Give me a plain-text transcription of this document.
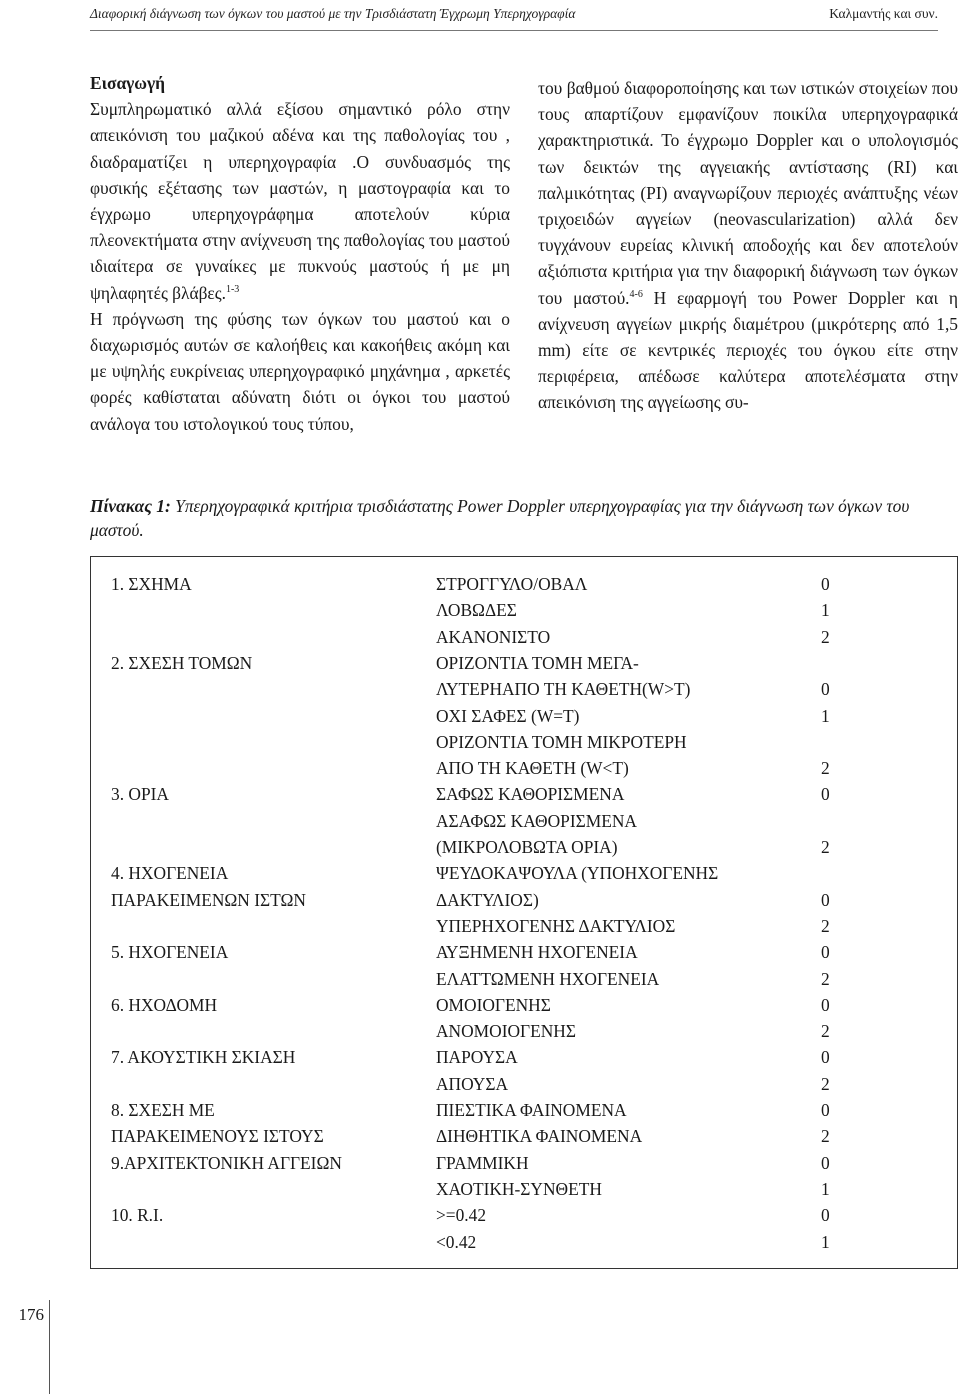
Διαφορική διάγνωση των όγκων του μαστού με την Τρισδιάστατη Έγχρωμη Υπερηχογραφία	Καλμαντής και συν.

Εισαγωγή

Συμπληρωματικό αλλά εξίσου σημαντικό ρόλο στην απεικόνιση του μαζικού αδένα και της παθολογίας του , διαδραματίζει η υπερηχογραφία .Ο συνδυασμός της φυσικής εξέτασης των μαστών, η μαστογραφία και το έγχρωμο υπερηχογράφημα αποτελούν κύρια πλεονεκτήματα στην ανίχνευση της παθολογίας του μαστού ιδιαίτερα σε γυναίκες με πυκνούς μαστούς ή με μη ψηλαφητές βλάβες.$^{1-3}$

Η πρόγνωση της φύσης των όγκων του μαστού και ο διαχωρισμός αυτών σε καλοήθεις και κακοήθεις ακόμη και με υψηλής ευκρίνειας υπερηχογραφικό μηχάνημα , αρκετές φορές καθίσταται αδύνατη διότι οι όγκοι του μαστού ανάλογα του ιστολογικού τους τύπου,

του βαθμού διαφοροποίησης και των ιστικών στοιχείων που τους απαρτίζουν εμφανίζουν ποικίλα υπερηχογραφικά χαρακτηριστικά. Το έγχρωμο Doppler και ο υπολογισμός των δεικτών της αγγειακής αντίστασης (RI) και παλμικότητας (PI) αναγνωρίζουν περιοχές ανάπτυξης νέων τριχοειδών αγγείων (neovascularization) αλλά δεν τυγχάνουν ευρείας κλινική αποδοχής και δεν αποτελούν αξιόπιστα κριτήρια για την διαφορική διάγνωση των όγκων του μαστού.$^{4-6}$ Η εφαρμογή του Power Doppler και η ανίχνευση αγγείων μικρής διαμέτρου (μικρότερης από 1,5 mm) είτε σε κεντρικές περιοχές του όγκου είτε στην περιφέρεια, απέδωσε καλύτερα αποτελέσματα στην απεικόνιση της αγγείωσης συ-

Πίνακας 1: Υπερηχογραφικά κριτήρια τρισδιάστατης Power Doppler υπερηχογραφίας για την διάγνωση των όγκων του μαστού.
1. ΣΧΗΜΑ	ΣΤΡΟΓΓΥΛΟ/ΟΒΑΛ	0
ΛΟΒΩΔΕΣ	1
ΑΚΑΝΟΝΙΣΤΟ	2
2. ΣΧΕΣΗ ΤΟΜΩΝ	ΟΡΙΖΟΝΤΙΑ ΤΟΜΗ ΜΕΓΑ-
ΛΥΤΕΡΗΑΠΟ ΤΗ ΚΑΘΕΤΗ(W>T)	0
ΟΧΙ ΣΑΦΕΣ (W=T)	1
ΟΡΙΖΟΝΤΙΑ ΤΟΜΗ ΜΙΚΡΟΤΕΡΗ
ΑΠΟ ΤΗ ΚΑΘΕΤΗ (W<T)	2
3. ΟΡΙΑ	ΣΑΦΩΣ ΚΑΘΟΡΙΣΜΕΝΑ	0
ΑΣΑΦΩΣ ΚΑΘΟΡΙΣΜΕΝΑ
(ΜΙΚΡΟΛΟΒΩΤΑ ΟΡΙΑ)	2
4. ΗΧΟΓΕΝΕΙΑ	ΨΕΥΔΟΚΑΨΟΥΛΑ (ΥΠΟΗΧΟΓΕΝΗΣ
ΠΑΡΑΚΕΙΜΕΝΩΝ ΙΣΤΩΝ	ΔΑΚΤΥΛΙΟΣ)	0
ΥΠΕΡΗΧΟΓΕΝΗΣ ΔΑΚΤΥΛΙΟΣ	2
5. ΗΧΟΓΕΝΕΙΑ	ΑΥΞΗΜΕΝΗ ΗΧΟΓΕΝΕΙΑ	0
ΕΛΑΤΤΩΜΕΝΗ ΗΧΟΓΕΝΕΙΑ	2
6. ΗΧΟΔΟΜΗ	ΟΜΟΙΟΓΕΝΗΣ	0
ΑΝΟΜΟΙΟΓΕΝΗΣ	2
7. ΑΚΟΥΣΤΙΚΗ ΣΚΙΑΣΗ	ΠΑΡΟΥΣΑ	0
ΑΠΟΥΣΑ	2
8. ΣΧΕΣΗ ΜΕ	ΠΙΕΣΤΙΚΑ ΦΑΙΝΟΜΕΝΑ	0
ΠΑΡΑΚΕΙΜΕΝΟΥΣ ΙΣΤΟΥΣ	ΔΙΗΘΗΤΙΚΑ ΦΑΙΝΟΜΕΝΑ	2
9.ΑΡΧΙΤΕΚΤΟΝΙΚΗ ΑΓΓΕΙΩΝ	ΓΡΑΜΜΙΚΗ	0
ΧΑΟΤΙΚΗ-ΣΥΝΘΕΤΗ	1
10. R.I.	>=0.42	0
<0.42	1
176
